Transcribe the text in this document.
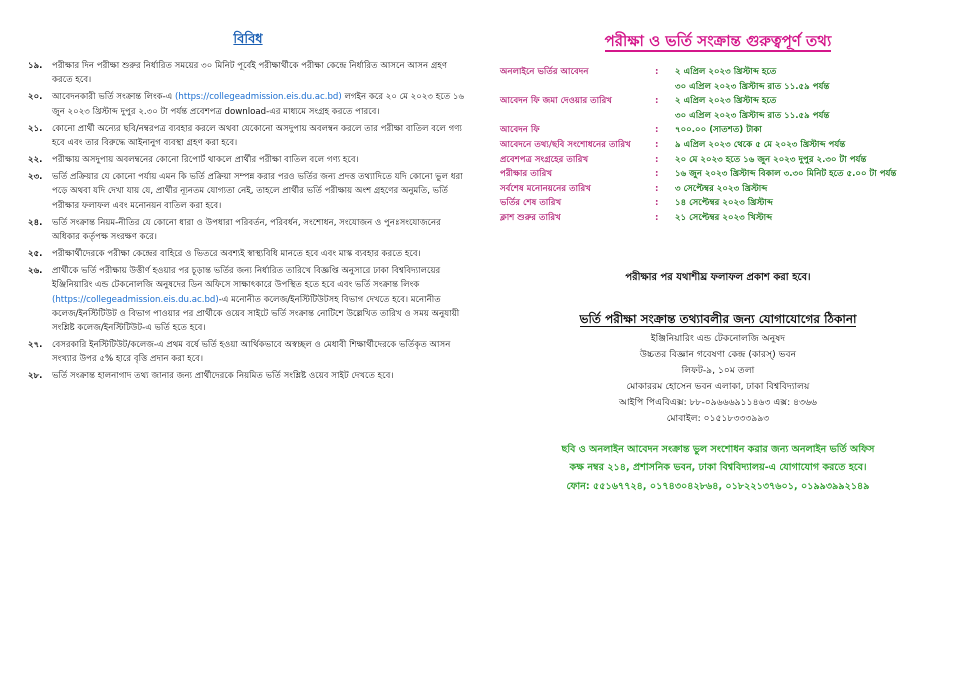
বিবিধ
১৯.	পরীক্ষার দিন পরীক্ষা শুরুর নির্ধারিত সময়ের ৩০ মিনিট পূর্বেই পরীক্ষার্থীকে পরীক্ষা কেন্দ্রে নির্ধারিত আসনে আসন গ্রহণ করতে হবে।
২০.	আবেদনকারী ভর্তি সংক্রান্ত লিংক-এ (https://collegeadmission.eis.du.ac.bd) লগইন করে ২০ মে ২০২৩ হতে ১৬ জুন ২০২৩ খ্রিস্টাব্দ দুপুর ২.৩০ টা পর্যন্ত প্রবেশপত্র download-এর মাধ্যমে সংগ্রহ করতে পারবে।
২১.	কোনো প্রার্থী অন্যের ছবি/নম্বরপত্র ব্যবহার করলে অথবা যেকোনো অসদুপায় অবলম্বন করলে তার পরীক্ষা বাতিল বলে গণ্য হবে এবং তার বিরুদ্ধে আইনানুগ ব্যবস্থা গ্রহণ করা হবে।
২২.	পরীক্ষায় অসদুপায় অবলম্বনের কোনো রিপোর্ট থাকলে প্রার্থীর পরীক্ষা বাতিল বলে গণ্য হবে।
২৩.	ভর্তি প্রক্রিয়ার যে কোনো পর্যায় এমন কি ভর্তি প্রক্রিয়া সম্পন্ন করার পরও ভর্তির জন্য প্রদত্ত তথ্যাদিতে যদি কোনো ভুল ধরা পড়ে অথবা যদি দেখা যায় যে, প্রার্থীর ন্যূনতম যোগ্যতা নেই, তাহলে প্রার্থীর ভর্তি পরীক্ষায় অংশ গ্রহণের অনুমতি, ভর্তি পরীক্ষার ফলাফল এবং মনোনয়ন বাতিল করা হবে।
২৪.	ভর্তি সংক্রান্ত নিয়ম-নীতির যে কোনো ধারা ও উপধারা পরিবর্তন, পরিবর্ধন, সংশোধন, সংযোজন ও পুনঃসংযোজনের অধিকার কর্তৃপক্ষ সংরক্ষণ করে।
২৫.	পরীক্ষার্থীদেরকে পরীক্ষা কেন্দ্রের বাহিরে ও ভিতরে অবশ্যই স্বাস্থ্যবিধি মানতে হবে এবং মাস্ক ব্যবহার করতে হবে।
২৬.	প্রার্থীকে ভর্তি পরীক্ষায় উত্তীর্ণ হওয়ার পর চূড়ান্ত ভর্তির জন্য নির্ধারিত তারিখে বিজ্ঞপ্তি অনুসারে ঢাকা বিশ্ববিদ্যালয়ের ইঞ্জিনিয়ারিং এন্ড টেকনোলজি অনুষদের ডিন অফিসে সাক্ষাৎকারে উপস্থিত হতে হবে এবং ভর্তি সংক্রান্ত লিংক (https://collegeadmission.eis.du.ac.bd)-এ মনোনীত কলেজ/ইনস্টিটিউটসহ বিভাগ দেখতে হবে। মনোনীত কলেজ/ইনস্টিটিউট ও বিভাগ পাওয়ার পর প্রার্থীকে ওয়েব সাইটে ভর্তি সংক্রান্ত নোটিশে উল্লেখিত তারিখ ও সময় অনুযায়ী সংশ্লিষ্ট কলেজ/ইনস্টিটিউট-এ ভর্তি হতে হবে।
২৭.	বেসরকারি ইনস্টিটিউট/কলেজ-এ প্রথম বর্ষে ভর্তি হওয়া আর্থিকভাবে অস্বচ্ছল ও মেধাবী শিক্ষার্থীদেরকে ভর্তিকৃত আসন সংখ্যার উপর ৫% হারে বৃত্তি প্রদান করা হবে।
২৮.	ভর্তি সংক্রান্ত হালনাগাদ তথ্য জানার জন্য প্রার্থীদেরকে নিয়মিত ভর্তি সংশ্লিষ্ট ওয়েব সাইট দেখতে হবে।
পরীক্ষা ও ভর্তি সংক্রান্ত গুরুত্বপূর্ণ তথ্য
অনলাইনে ভর্তির আবেদন	:	২ এপ্রিল ২০২৩ খ্রিস্টাব্দ হতে
৩০ এপ্রিল ২০২৩ খ্রিস্টাব্দ রাত ১১.৫৯ পর্যন্ত
আবেদন ফি জমা দেওয়ার তারিখ	:	২ এপ্রিল ২০২৩ খ্রিস্টাব্দ হতে
৩০ এপ্রিল ২০২৩ খ্রিস্টাব্দ রাত ১১.৫৯ পর্যন্ত
আবেদন ফি	:	৭০০.০০ (সাতশত) টাকা
আবেদনে তথ্য/ছবি সংশোধনের তারিখ	:	৯ এপ্রিল ২০২৩ থেকে ৫ মে ২০২৩ খ্রিস্টাব্দ পর্যন্ত
প্রবেশপত্র সংগ্রহের তারিখ	:	২০ মে ২০২৩ হতে ১৬ জুন ২০২৩ দুপুর ২.৩০ টা পর্যন্ত
পরীক্ষার তারিখ	:	১৬ জুন ২০২৩ খ্রিস্টাব্দ বিকাল ৩.৩০ মিনিট হতে ৫.০০ টা পর্যন্ত
সর্বশেষ মনোনয়নের তারিখ	:	৩ সেপ্টেম্বর ২০২৩ খ্রিস্টাব্দ
ভর্তির শেষ তারিখ	:	১৪ সেপ্টেম্বর ২০২৩ খ্রিস্টাব্দ
ক্লাশ শুরুর তারিখ	:	২১ সেপ্টেম্বর ২০২৩ খিস্টাব্দ
পরীক্ষার পর যথাশীঘ্র ফলাফল প্রকাশ করা হবে।
ভর্তি পরীক্ষা সংক্রান্ত তথ্যাবলীর জন্য যোগাযোগের ঠিকানা
ইঞ্জিনিয়ারিং এন্ড টেকনোলজি অনুষদ
উচ্চতর বিজ্ঞান গবেষণা কেন্দ্র (কারস্‌) ভবন
লিফট-৯, ১০ম তলা
মোকাররম হোসেন ভবন এলাকা, ঢাকা বিশ্ববিদ্যালয়
আইপি পিএবিএক্স: ৮৮-০৯৬৬৬৯১১৪৬৩ এক্স: ৪৩৬৬
মোবাইল: ০১৫১৮৩৩৩৯৯৩
ছবি ও অনলাইন আবেদন সংক্রান্ত ভুল সংশোধন করার জন্য অনলাইন ভর্তি অফিস
কক্ষ নম্বর ২১৪, প্রশাসনিক ভবন, ঢাকা বিশ্ববিদ্যালয়-এ যোগাযোগ করতে হবে।
ফোন: ৫৫১৬৭৭২৪, ০১৭৪৩০৪২৮৬৪, ০১৮২২১৩৭৬০১, ০১৯৯৩৯৯২১৪৯
